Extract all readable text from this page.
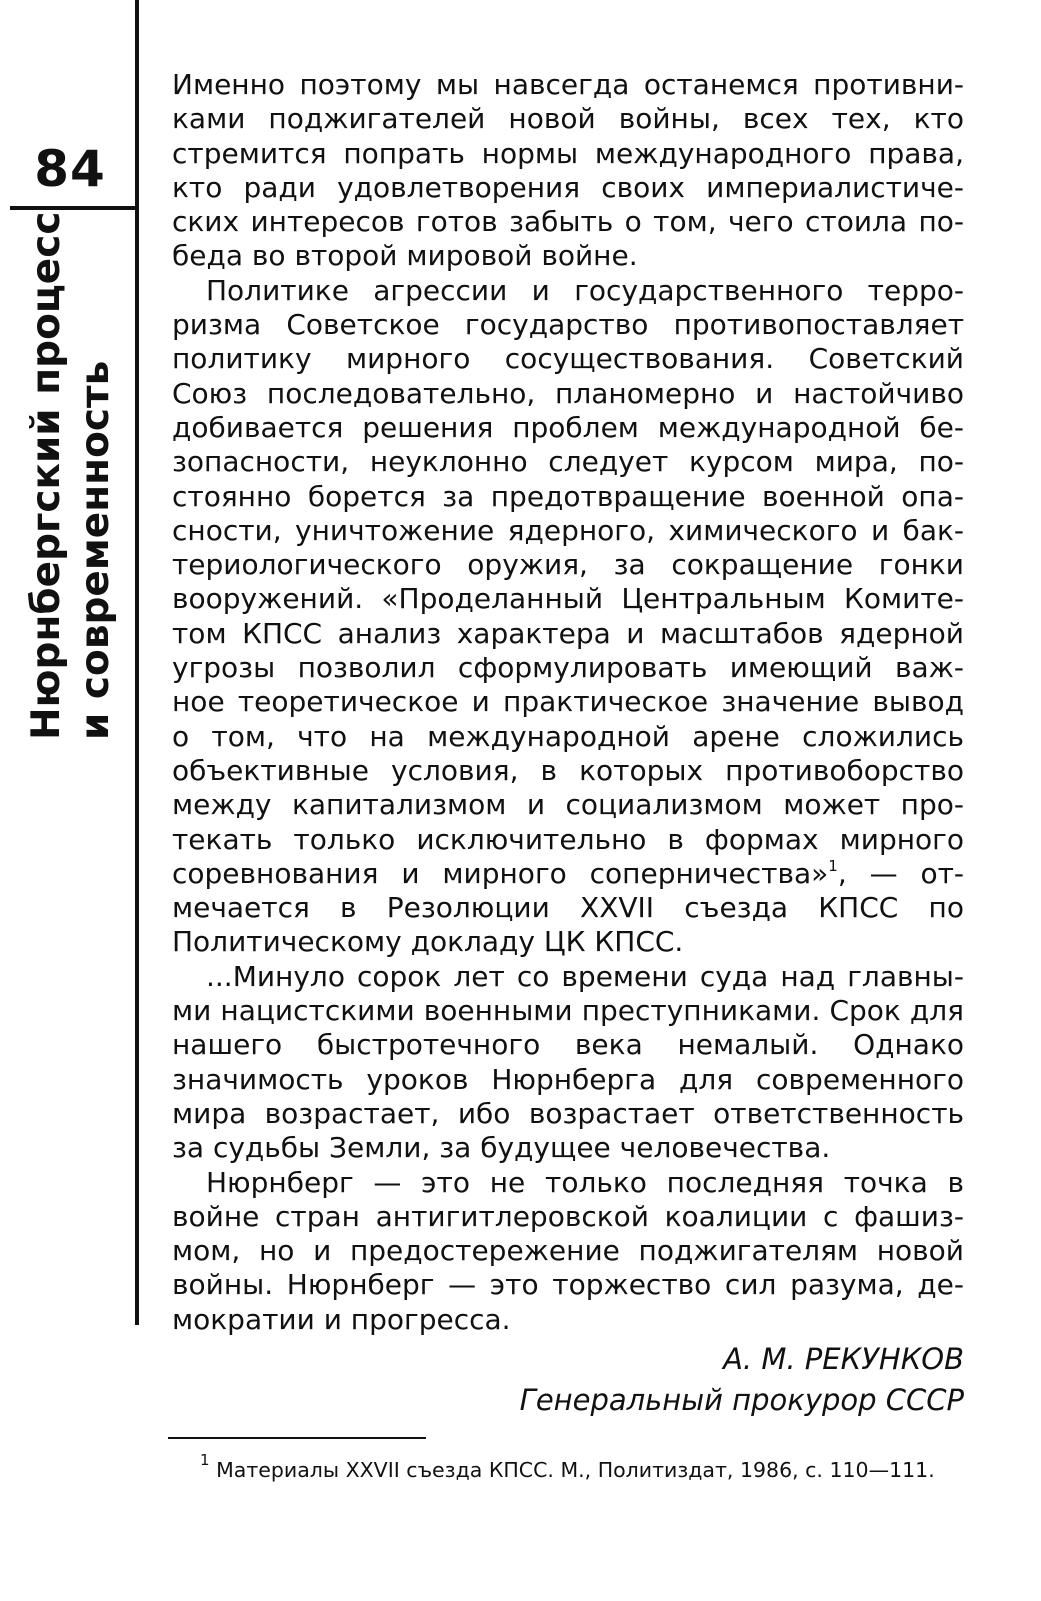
84
Нюрнбергский процесс и современность

Именно поэтому мы навсегда останемся противни- ками поджигателей новой войны, всех тех, кто стремится попрать нормы международного права, кто ради удовлетворения своих империалистиче- ских интересов готов забыть о том, чего стоила по-

беда во второй мировой войне.

Политике агрессии и государственного терро- ризма Советское государство противопоставляет политику мирного сосуществования. Советский Союз последовательно, планомерно и настойчиво добивается решения проблем международной бе- зопасности, неуклонно следует курсом мира, по- стоянно борется за предотвращение военной опа- сности, уничтожение ядерного, химического и бак- териологического оружия, за сокращение гонки вооружений. «Проделанный Центральным Комите- том КПСС анализ характера и масштабов ядерной угрозы позволил сформулировать имеющий важ- ное теоретическое и практическое значение вывод о том, что на международной арене сложились объективные условия, в которых противоборство между капитализмом и социализмом может про- текать только исключительно в формах мирного соревнования и мирного соперничества»$^1$, — от- мечается в Резолюции XXVII съезда КПСС по

Политическому докладу ЦК КПСС.

...Минуло сорок лет со времени суда над главны- ми нацистскими военными преступниками. Срок для нашего быстротечного века немалый. Однако значимость уроков Нюрнберга для современного мира возрастает, ибо возрастает ответственность

за судьбы Земли, за будущее человечества.

Нюрнберг — это не только последняя точка в войне стран антигитлеровской коалиции с фашиз- мом, но и предостережение поджигателям новой войны. Нюрнберг — это торжество сил разума, де-

мократии и прогресса.

А. М. РЕКУНКОВ
Генеральный прокурор СССР
$^1$ Материалы XXVII съезда КПСС. М., Политиздат, 1986, с. 110—111.
